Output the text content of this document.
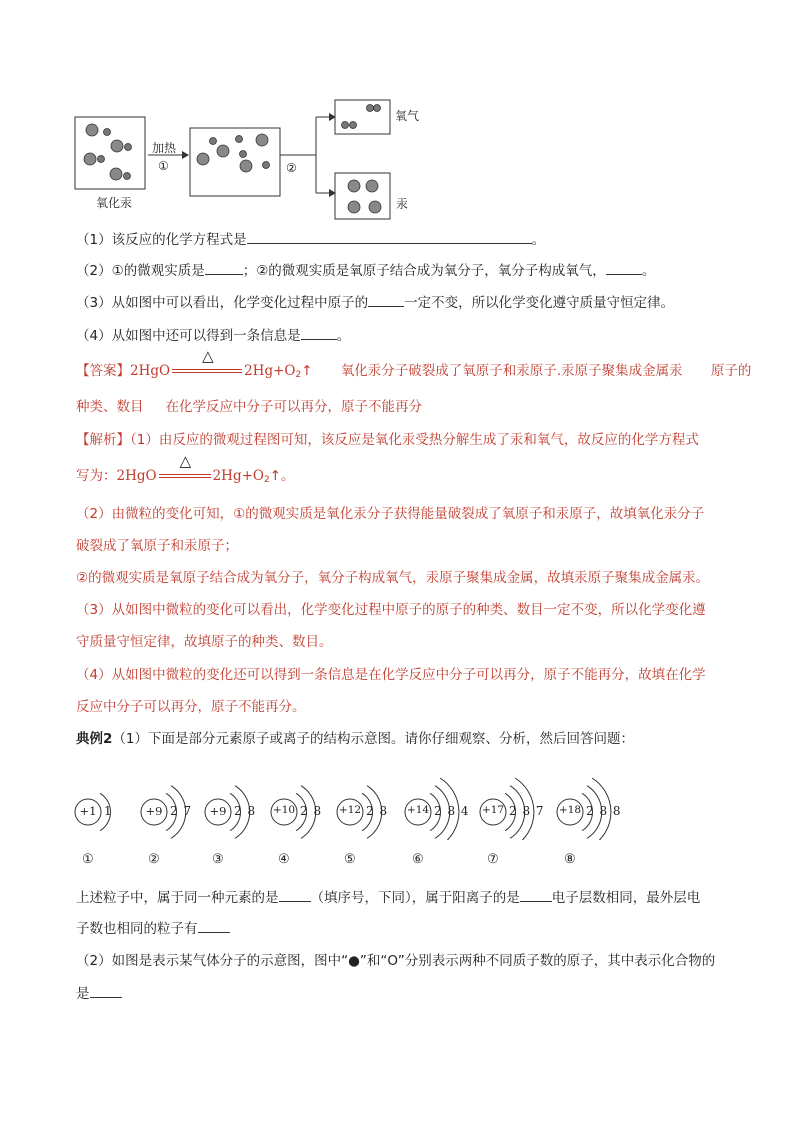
加热
①	②
氧气
汞
氧化汞
（1）该反应的化学方程式是	。
（2）①的微观实质是	；②的微观实质是氧原子结合成为氧分子，氧分子构成氧气，	。
（3）从如图中可以看出，化学变化过程中原子的	一定不变，所以化学变化遵守质量守恒定律。
（4）从如图中还可以得到一条信息是	。
【答案】2HgO
△
$2Hg+O_2↑$ 氧化汞分子破裂成了氧原子和汞原子.汞原子聚集成金属汞 原子的
种类、数目 在化学反应中分子可以再分，原子不能再分
【解析】（1）由反应的微观过程图可知，该反应是氧化汞受热分解生成了汞和氧气，故反应的化学方程式
写为：2HgO
△
$2Hg+O_2↑$。
（2）由微粒的变化可知，①的微观实质是氧化汞分子获得能量破裂成了氧原子和汞原子，故填氧化汞分子
破裂成了氧原子和汞原子；
②的微观实质是氧原子结合成为氧分子，氧分子构成氧气，汞原子聚集成金属，故填汞原子聚集成金属汞。
（3）从如图中微粒的变化可以看出，化学变化过程中原子的原子的种类、数目一定不变，所以化学变化遵
守质量守恒定律，故填原子的种类、数目。
（4）从如图中微粒的变化还可以得到一条信息是在化学反应中分子可以再分，原子不能再分，故填在化学
反应中分子可以再分，原子不能再分。
典例2（1）下面是部分元素原子或离子的结构示意图。请你仔细观察、分析，然后回答问题：
+1 1
①
+9 2 7
②
+9 2 8
③
+10 2 8
④
+12 2 8
⑤
+14 2 8 4
⑥
+17 2 8 7
⑦
+18 2 8 8
⑧
上述粒子中，属于同一种元素的是 （填序号，下同），属于阳离子的是 电子层数相同，最外层电
子数也相同的粒子有
（2）如图是表示某气体分子的示意图，图中“●”和“O”分别表示两种不同质子数的原子，其中表示化合物的
是
